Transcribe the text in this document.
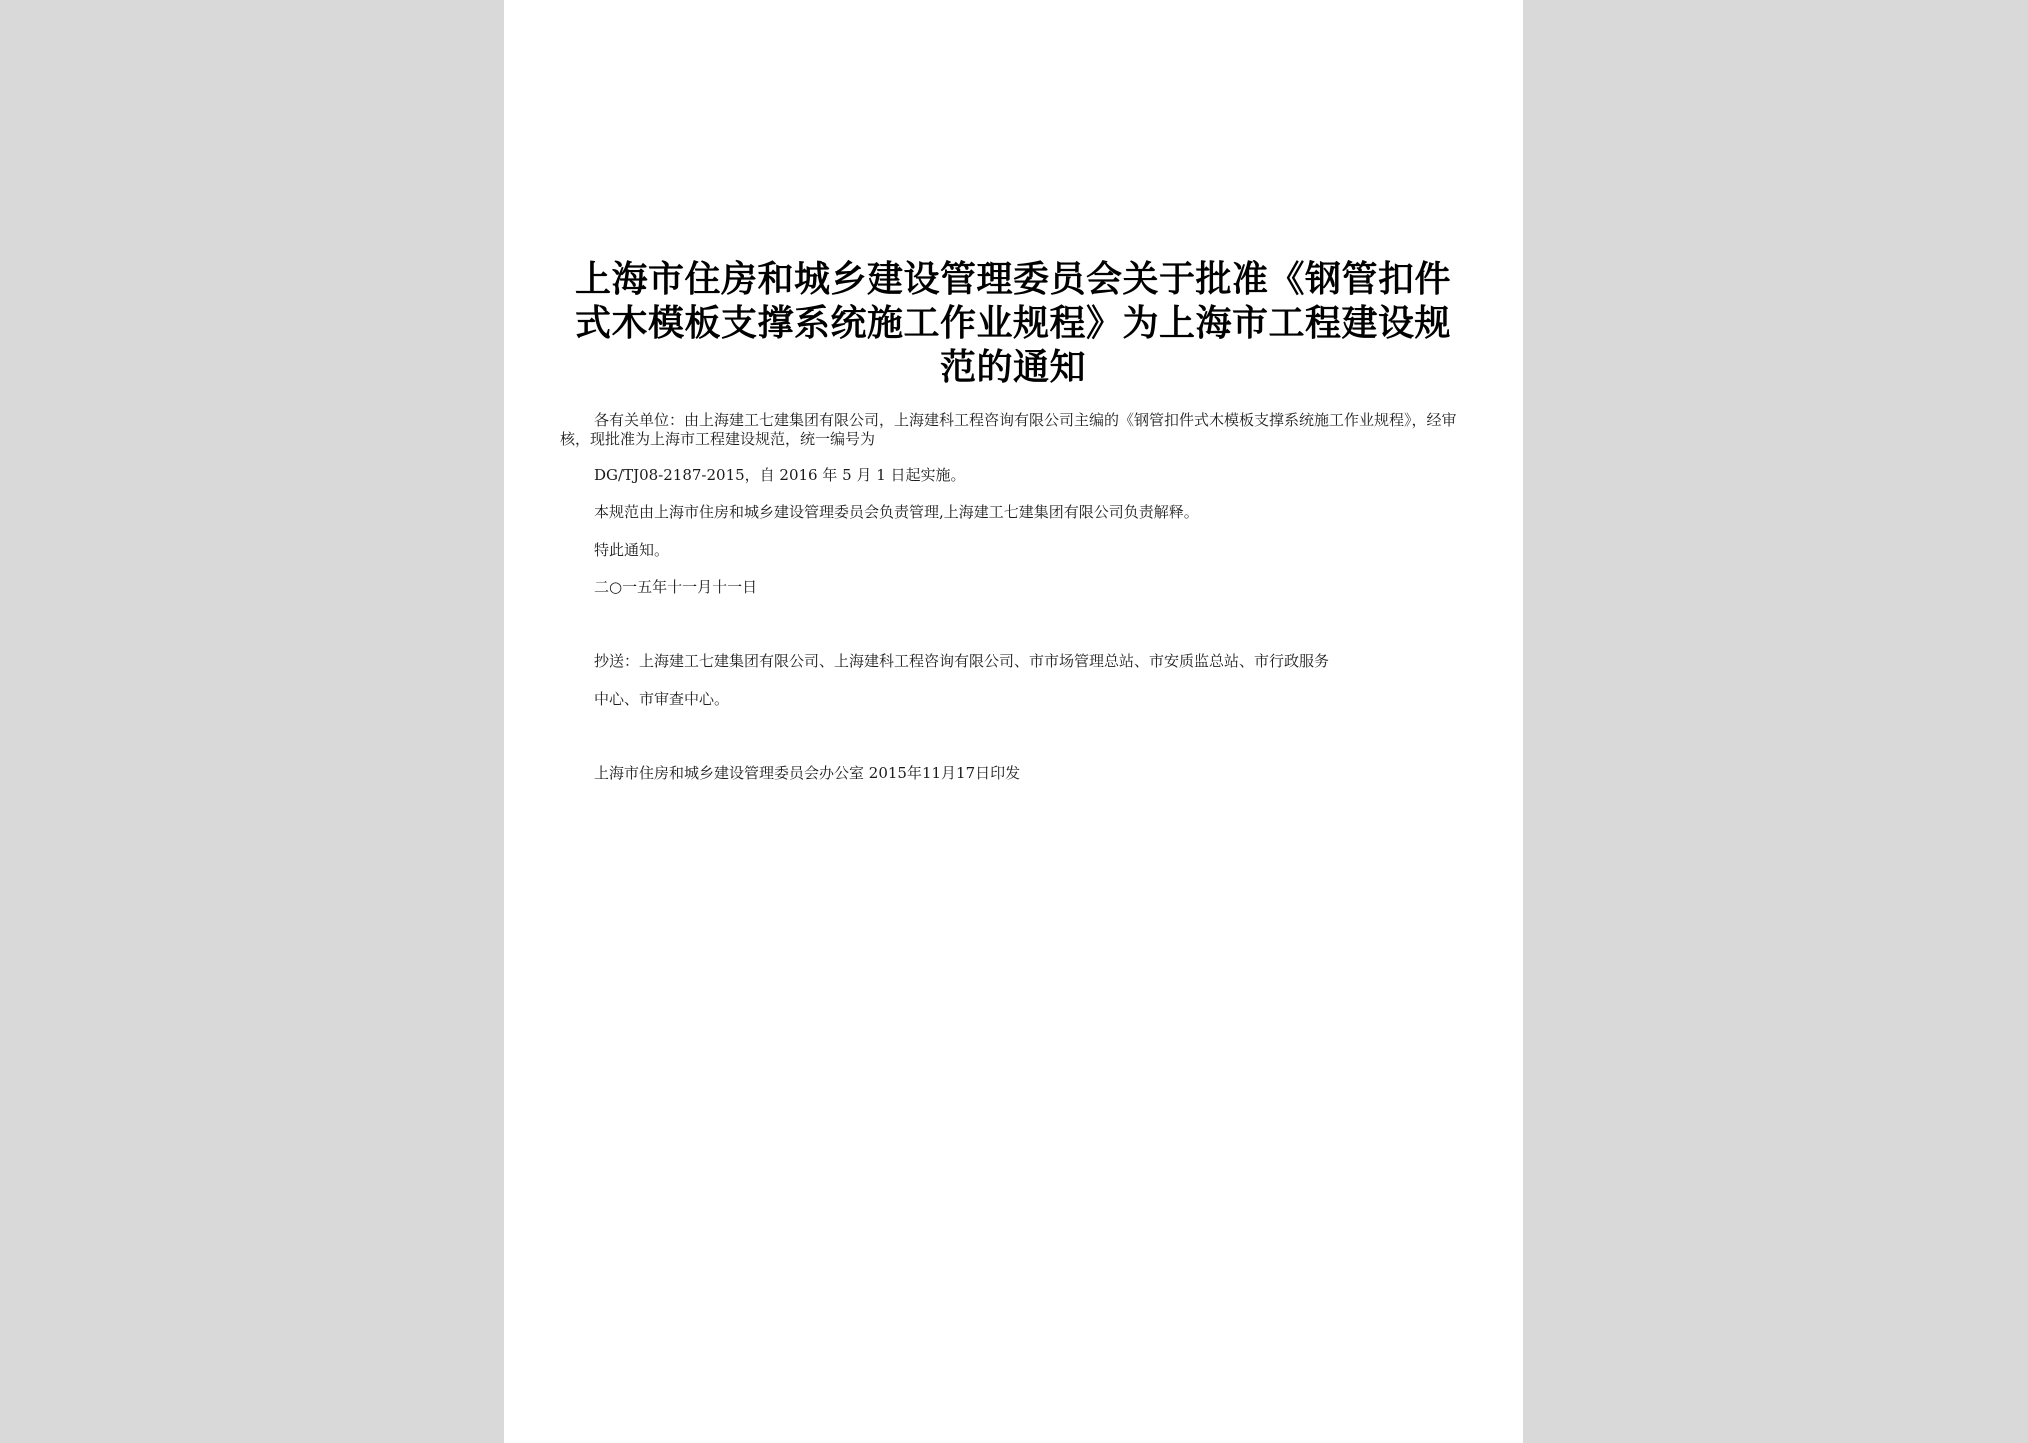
上海市住房和城乡建设管理委员会关于批准《钢管扣件
式木模板支撑系统施工作业规程》为上海市工程建设规
范的通知
各有关单位：由上海建工七建集团有限公司，上海建科工程咨询有限公司主编的《钢管扣件式木模板支撑系统施工作业规程》，经审核，现批准为上海市工程建设规范，统一编号为
DG/TJ08-2187-2015，自 2016 年 5 月 1 日起实施。
本规范由上海市住房和城乡建设管理委员会负责管理,上海建工七建集团有限公司负责解释。
特此通知。
二○一五年十一月十一日
抄送：上海建工七建集团有限公司、上海建科工程咨询有限公司、市市场管理总站、市安质监总站、市行政服务
中心、市审查中心。
上海市住房和城乡建设管理委员会办公室 2015年11月17日印发
